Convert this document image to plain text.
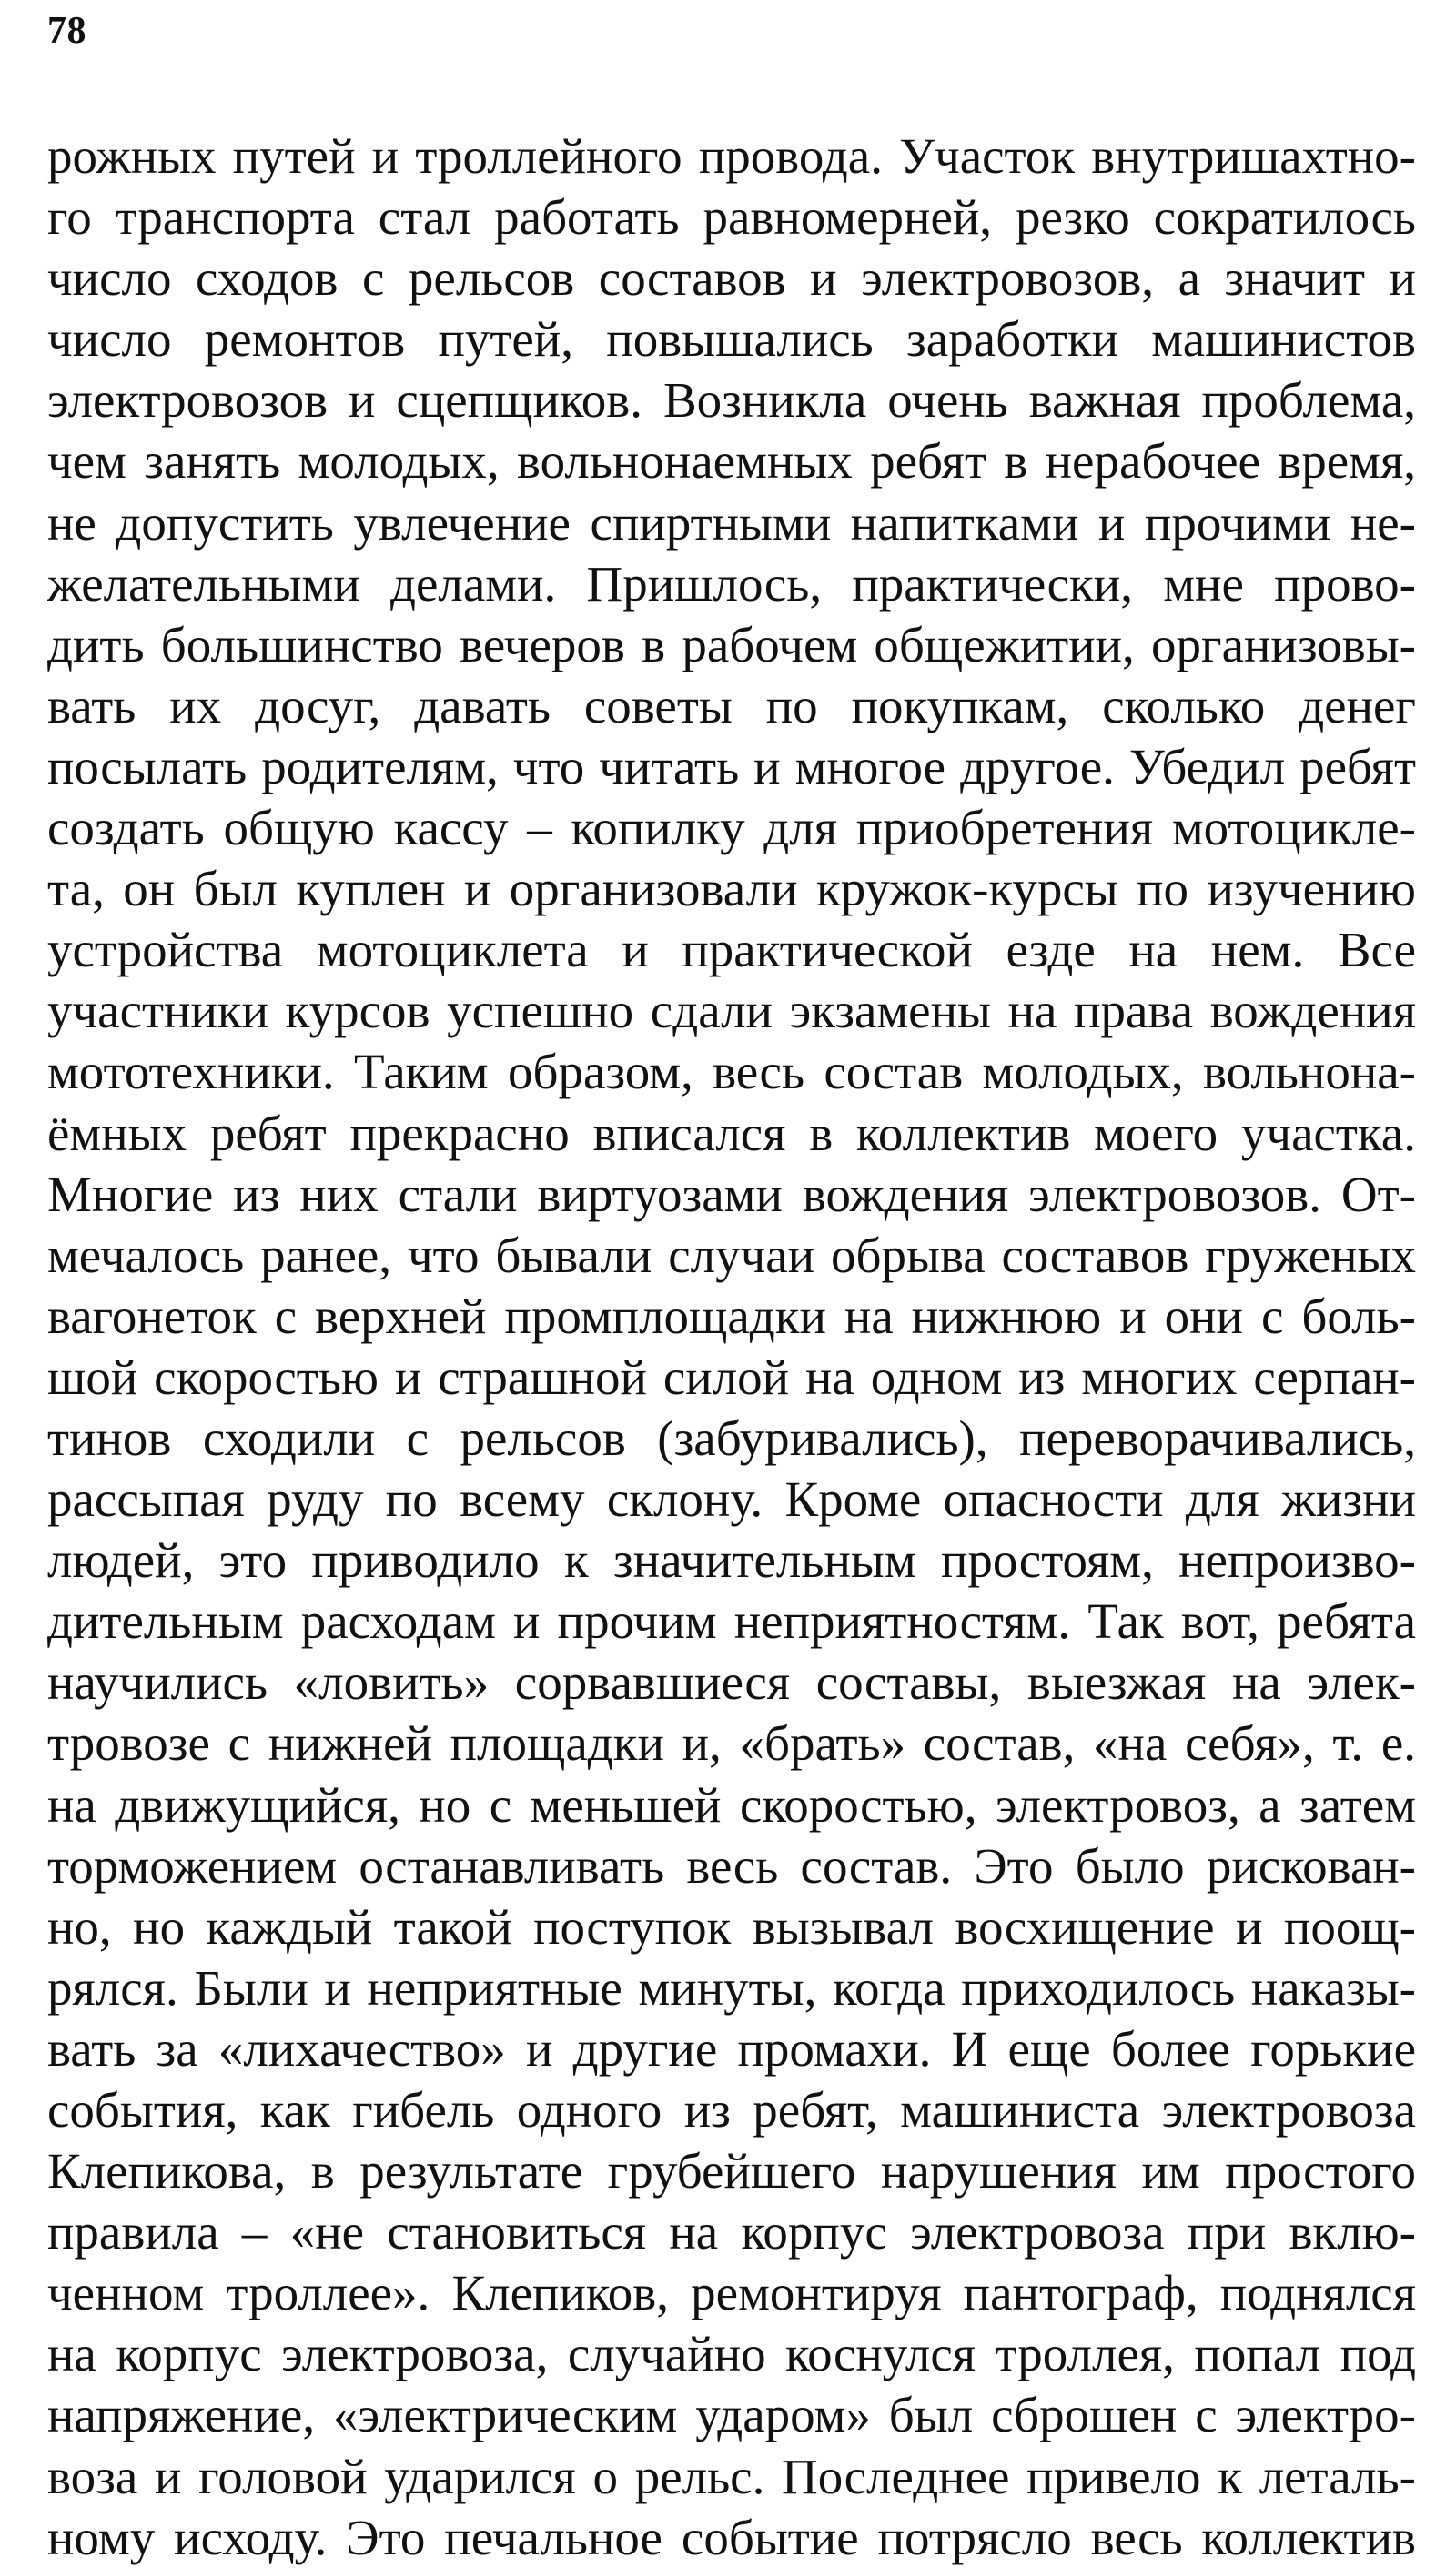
78
рожных путей и троллейного провода. Участок внутришахтно-
го транспорта стал работать равномерней, резко сократилось
число сходов с рельсов составов и электровозов, а значит и
число ремонтов путей, повышались заработки машинистов
электровозов и сцепщиков. Возникла очень важная проблема,
чем занять молодых, вольнонаемных ребят в нерабочее время,
не допустить увлечение спиртными напитками и прочими не-
желательными делами. Пришлось, практически, мне прово-
дить большинство вечеров в рабочем общежитии, организовы-
вать их досуг, давать советы по покупкам, сколько денег
посылать родителям, что читать и многое другое. Убедил ребят
создать общую кассу – копилку для приобретения мотоцикле-
та, он был куплен и организовали кружок-курсы по изучению
устройства мотоциклета и практической езде на нем. Все
участники курсов успешно сдали экзамены на права вождения
мототехники. Таким образом, весь состав молодых, вольнона-
ёмных ребят прекрасно вписался в коллектив моего участка.
Многие из них стали виртуозами вождения электровозов. От-
мечалось ранее, что бывали случаи обрыва составов груженых
вагонеток с верхней промплощадки на нижнюю и они с боль-
шой скоростью и страшной силой на одном из многих серпан-
тинов сходили с рельсов (забуривались), переворачивались,
рассыпая руду по всему склону. Кроме опасности для жизни
людей, это приводило к значительным простоям, непроизво-
дительным расходам и прочим неприятностям. Так вот, ребята
научились «ловить» сорвавшиеся составы, выезжая на элек-
тровозе с нижней площадки и, «брать» состав, «на себя», т. е.
на движущийся, но с меньшей скоростью, электровоз, а затем
торможением останавливать весь состав. Это было рискован-
но, но каждый такой поступок вызывал восхищение и поощ-
рялся. Были и неприятные минуты, когда приходилось наказы-
вать за «лихачество» и другие промахи. И еще более горькие
события, как гибель одного из ребят, машиниста электровоза
Клепикова, в результате грубейшего нарушения им простого
правила – «не становиться на корпус электровоза при вклю-
ченном троллее». Клепиков, ремонтируя пантограф, поднялся
на корпус электровоза, случайно коснулся троллея, попал под
напряжение, «электрическим ударом» был сброшен с электро-
воза и головой ударился о рельс. Последнее привело к леталь-
ному исходу. Это печальное событие потрясло весь коллектив
